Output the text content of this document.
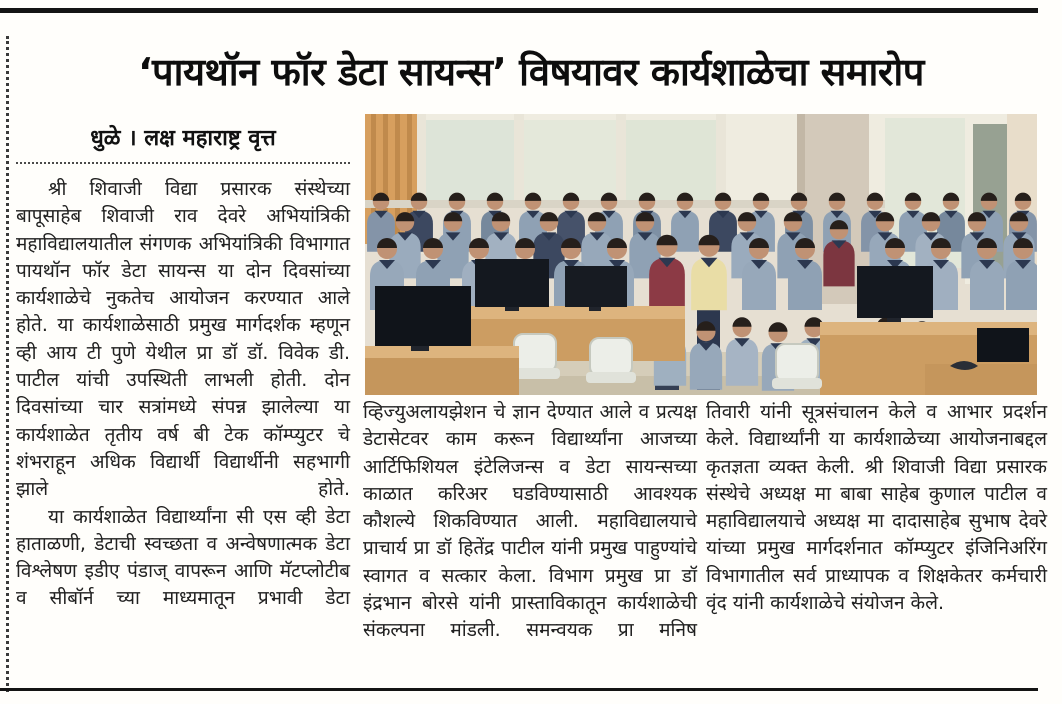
‘पायथॉन फॉर डेटा सायन्स’ विषयावर कार्यशाळेचा समारोप
धुळे । लक्ष महाराष्ट्र वृत्त

श्री शिवाजी विद्या प्रसारक संस्थेच्या बापूसाहेब शिवाजी राव देवरे अभियांत्रिकी महाविद्यालयातील संगणक अभियांत्रिकी विभागात पायथॉन फॉर डेटा सायन्स या दोन दिवसांच्या कार्यशाळेचे नुकतेच आयोजन करण्यात आले होते. या कार्यशाळेसाठी प्रमुख मार्गदर्शक म्हणून व्ही आय टी पुणे येथील प्रा डॉ डॉ. विवेक डी. पाटील यांची उपस्थिती लाभली होती. दोन दिवसांच्या चार सत्रांमध्ये संपन्न झालेल्या या कार्यशाळेत तृतीय वर्ष बी टेक कॉम्प्युटर चे शंभराहून अधिक विद्यार्थी विद्यार्थीनी सहभागी झाले होते.

या कार्यशाळेत विद्यार्थ्यांना सी एस व्ही डेटा हाताळणी, डेटाची स्वच्छता व अन्वेषणात्मक डेटा विश्लेषण इडीए पंडाज् वापरून आणि मॅटप्लोटीब व सीबॉर्न च्या माध्यमातून प्रभावी डेटा

व्हिज्युअलायझेशन चे ज्ञान देण्यात आले व प्रत्यक्ष डेटासेटवर काम करून विद्यार्थ्यांना आजच्या आर्टिफिशियल इंटेलिजन्स व डेटा सायन्सच्या काळात करिअर घडविण्यासाठी आवश्यक कौशल्ये शिकविण्यात आली. महाविद्यालयाचे प्राचार्य प्रा डॉ हितेंद्र पाटील यांनी प्रमुख पाहुण्यांचे स्वागत व सत्कार केला. विभाग प्रमुख प्रा डॉ इंद्रभान बोरसे यांनी प्रास्ताविकातून कार्यशाळेची संकल्पना मांडली. समन्वयक प्रा मनिष

तिवारी यांनी सूत्रसंचालन केले व आभार प्रदर्शन केले. विद्यार्थ्यांनी या कार्यशाळेच्या आयोजनाबद्दल कृतज्ञता व्यक्त केली. श्री शिवाजी विद्या प्रसारक संस्थेचे अध्यक्ष मा बाबा साहेब कुणाल पाटील व महाविद्यालयाचे अध्यक्ष मा दादासाहेब सुभाष देवरे यांच्या प्रमुख मार्गदर्शनात कॉम्प्युटर इंजिनिअरिंग विभागातील सर्व प्राध्यापक व शिक्षकेतर कर्मचारी वृंद यांनी कार्यशाळेचे संयोजन केले.
